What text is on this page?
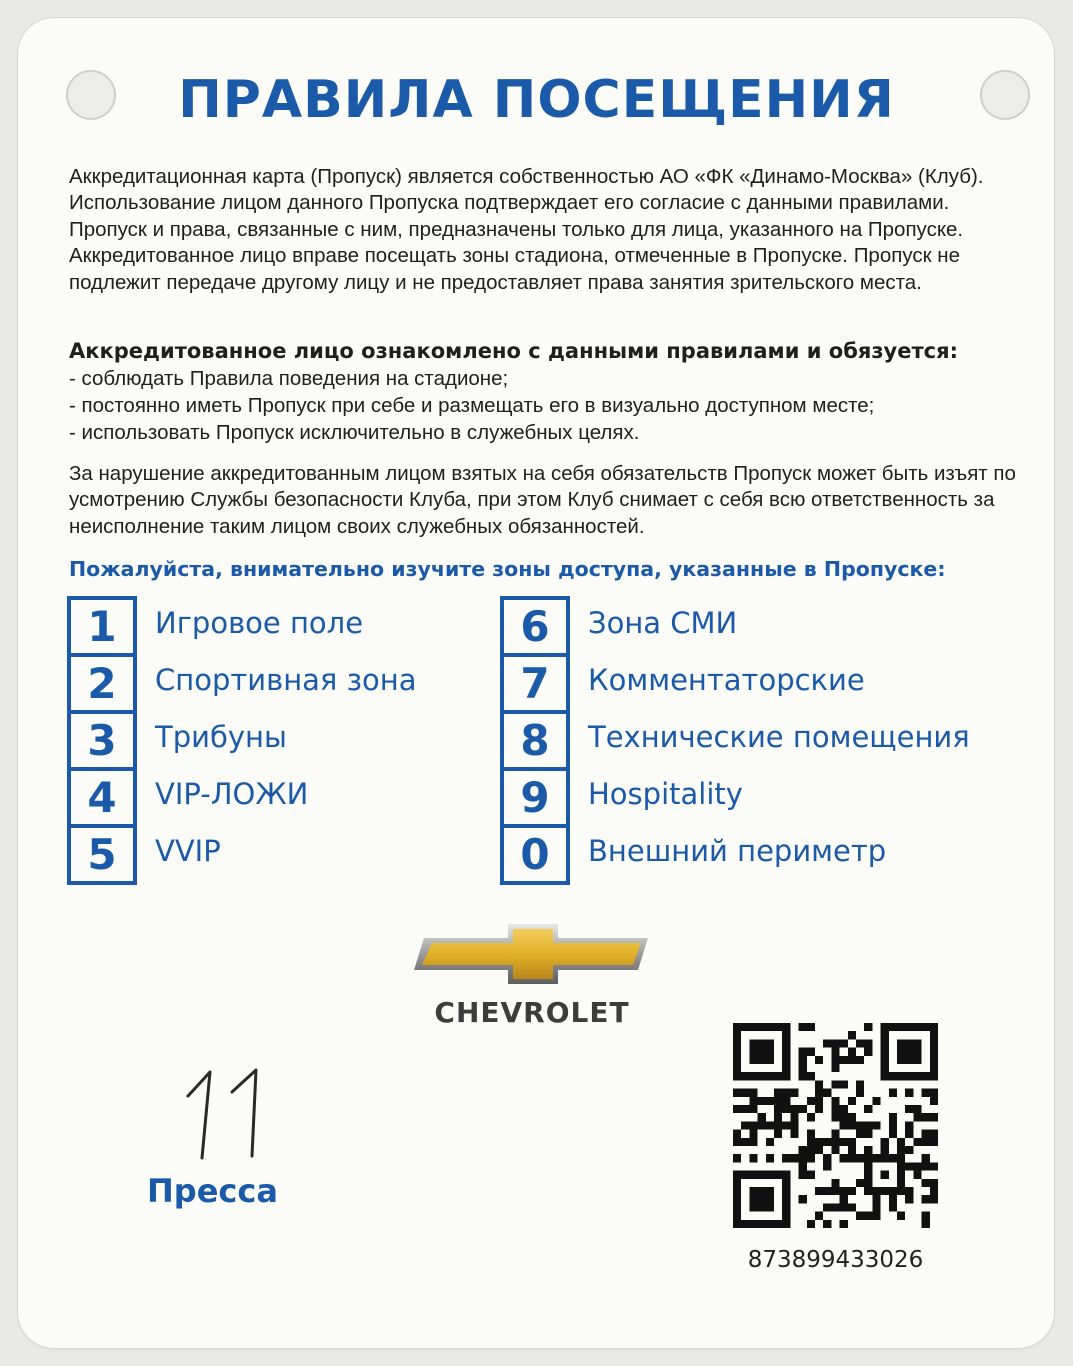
ПРАВИЛА ПОСЕЩЕНИЯ
Аккредитационная карта (Пропуск) является собственностью АО «ФК «Динамо-Москва» (Клуб). Использование лицом данного Пропуска подтверждает его согласие с данными правилами. Пропуск и права, связанные с ним, предназначены только для лица, указанного на Пропуске. Аккредитованное лицо вправе посещать зоны стадиона, отмеченные в Пропуске. Пропуск не подлежит передаче другому лицу и не предоставляет права занятия зрительского места.
Аккредитованное лицо ознакомлено с данными правилами и обязуется:
- соблюдать Правила поведения на стадионе;
- постоянно иметь Пропуск при себе и размещать его в визуально доступном месте;
- использовать Пропуск исключительно в служебных целях.
За нарушение аккредитованным лицом взятых на себя обязательств Пропуск может быть изъят по усмотрению Службы безопасности Клуба, при этом Клуб снимает с себя всю ответственность за неисполнение таким лицом своих служебных обязанностей.
Пожалуйста, внимательно изучите зоны доступа, указанные в Пропуске:
1	Игровое поле
2	Спортивная зона
3	Трибуны
4	VIP-ЛОЖИ
5	VVIP
6	Зона СМИ
7	Комментаторские
8	Технические помещения
9	Hospitality
0	Внешний периметр
CHEVROLET
Пресса
873899433026
